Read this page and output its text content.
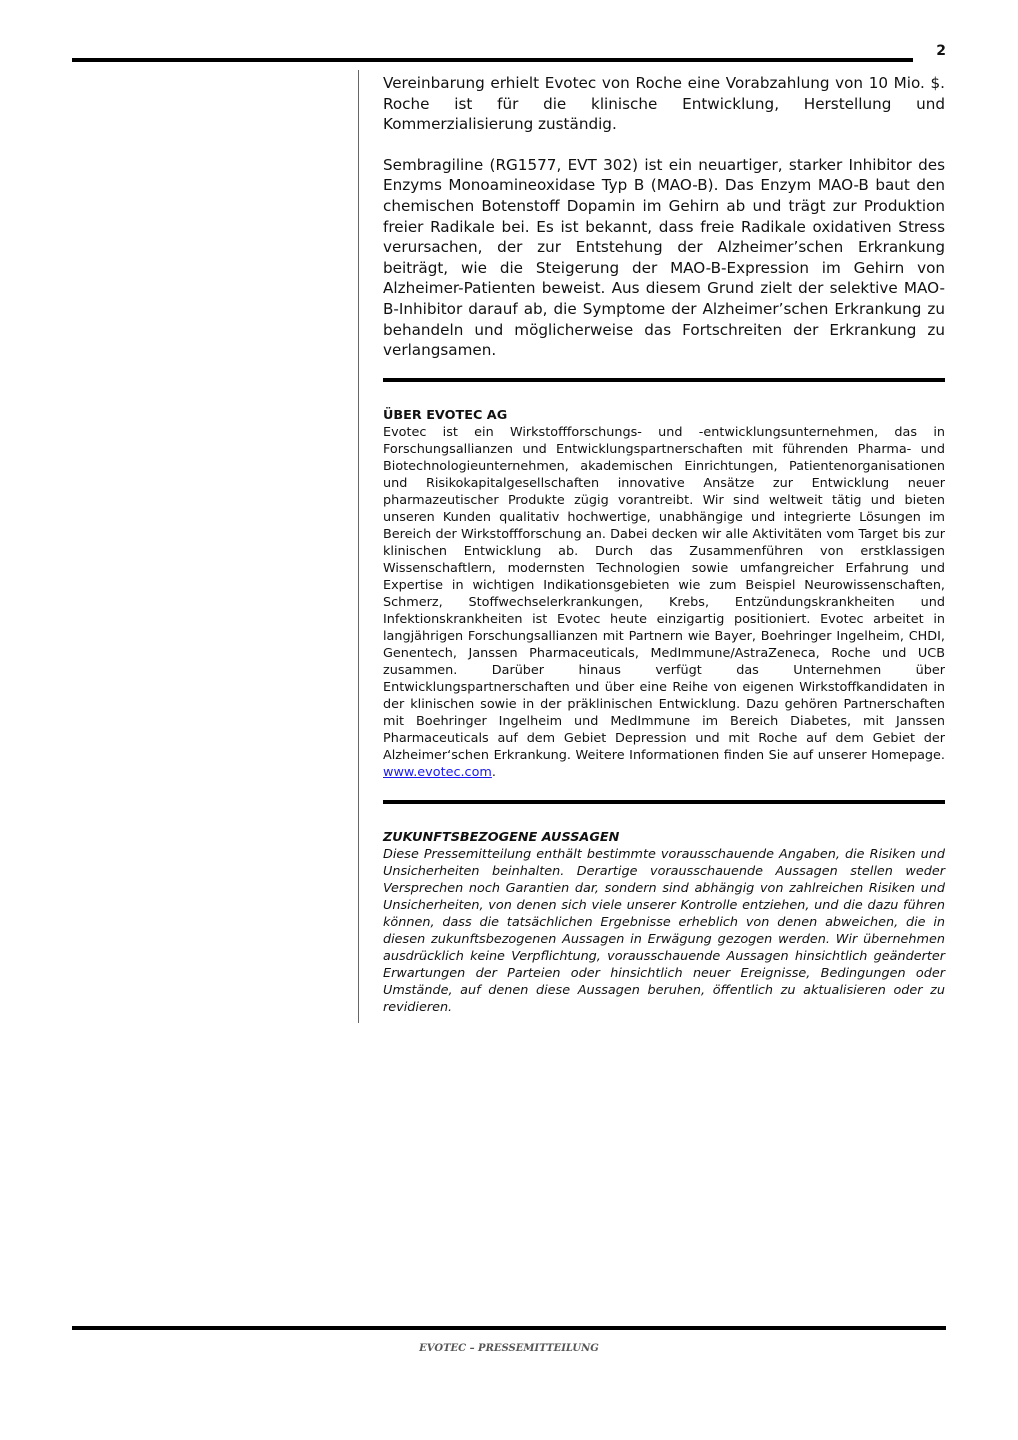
2

Vereinbarung erhielt Evotec von Roche eine Vorabzahlung von 10 Mio. $. Roche ist für die klinische Entwicklung, Herstellung und Kommerzialisierung zuständig.

Sembragiline (RG1577, EVT 302) ist ein neuartiger, starker Inhibitor des Enzyms Monoamineoxidase Typ B (MAO-B). Das Enzym MAO-B baut den chemischen Botenstoff Dopamin im Gehirn ab und trägt zur Produktion freier Radikale bei. Es ist bekannt, dass freie Radikale oxidativen Stress verursachen, der zur Entstehung der Alzheimer’schen Erkrankung beiträgt, wie die Steigerung der MAO-B-Expression im Gehirn von Alzheimer-Patienten beweist. Aus diesem Grund zielt der selektive MAO-B-Inhibitor darauf ab, die Symptome der Alzheimer’schen Erkrankung zu behandeln und möglicherweise das Fortschreiten der Erkrankung zu verlangsamen.

ÜBER EVOTEC AG

Evotec ist ein Wirkstoffforschungs- und -entwicklungsunternehmen, das in Forschungsallianzen und Entwicklungspartnerschaften mit führenden Pharma- und Biotechnologieunternehmen, akademischen Einrichtungen, Patientenorganisationen und Risikokapitalgesellschaften innovative Ansätze zur Entwicklung neuer pharmazeutischer Produkte zügig vorantreibt. Wir sind weltweit tätig und bieten unseren Kunden qualitativ hochwertige, unabhängige und integrierte Lösungen im Bereich der Wirkstoffforschung an. Dabei decken wir alle Aktivitäten vom Target bis zur klinischen Entwicklung ab. Durch das Zusammenführen von erstklassigen Wissenschaftlern, modernsten Technologien sowie umfangreicher Erfahrung und Expertise in wichtigen Indikationsgebieten wie zum Beispiel Neurowissenschaften, Schmerz, Stoffwechselerkrankungen, Krebs, Entzündungskrankheiten und Infektionskrankheiten ist Evotec heute einzigartig positioniert. Evotec arbeitet in langjährigen Forschungsallianzen mit Partnern wie Bayer, Boehringer Ingelheim, CHDI, Genentech, Janssen Pharmaceuticals, MedImmune/AstraZeneca, Roche und UCB zusammen. Darüber hinaus verfügt das Unternehmen über Entwicklungspartnerschaften und über eine Reihe von eigenen Wirkstoffkandidaten in der klinischen sowie in der präklinischen Entwicklung. Dazu gehören Partnerschaften mit Boehringer Ingelheim und MedImmune im Bereich Diabetes, mit Janssen Pharmaceuticals auf dem Gebiet Depression und mit Roche auf dem Gebiet der Alzheimer‘schen Erkrankung. Weitere Informationen finden Sie auf unserer Homepage. www.evotec.com.

ZUKUNFTSBEZOGENE AUSSAGEN

Diese Pressemitteilung enthält bestimmte vorausschauende Angaben, die Risiken und Unsicherheiten beinhalten. Derartige vorausschauende Aussagen stellen weder Versprechen noch Garantien dar, sondern sind abhängig von zahlreichen Risiken und Unsicherheiten, von denen sich viele unserer Kontrolle entziehen, und die dazu führen können, dass die tatsächlichen Ergebnisse erheblich von denen abweichen, die in diesen zukunftsbezogenen Aussagen in Erwägung gezogen werden. Wir übernehmen ausdrücklich keine Verpflichtung, vorausschauende Aussagen hinsichtlich geänderter Erwartungen der Parteien oder hinsichtlich neuer Ereignisse, Bedingungen oder Umstände, auf denen diese Aussagen beruhen, öffentlich zu aktualisieren oder zu revidieren.

EVOTEC – PRESSEMITTEILUNG
